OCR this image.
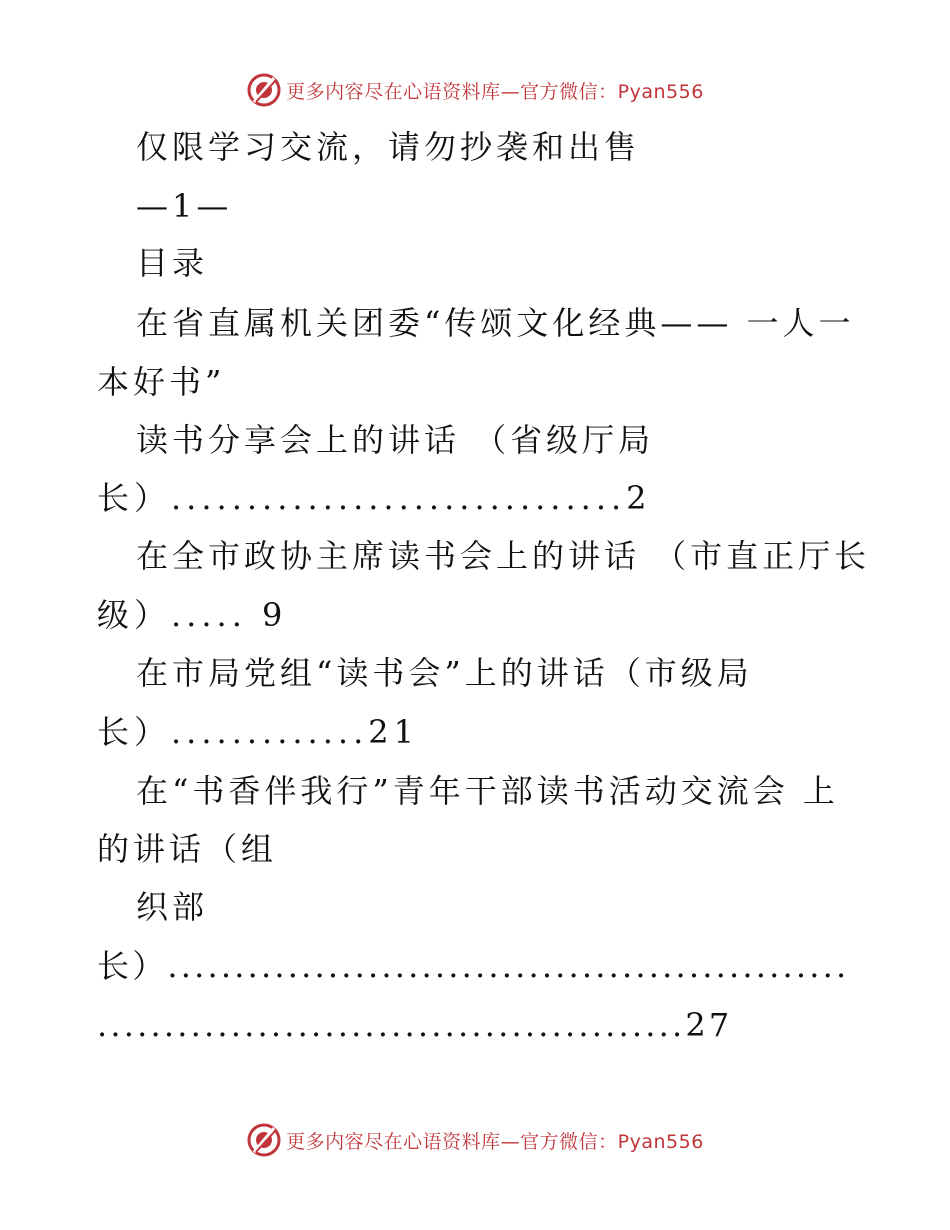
更多内容尽在心语资料库—官方微信：Pyan556
仅限学习交流，请勿抄袭和出售
—1—
目录
在省直属机关团委“传颂文化经典—— 一人一
本好书”
读书分享会上的讲话 （省级厅局
长）..............................2
在全市政协主席读书会上的讲话 （市直正厅长
级）..... 9
在市局党组“读书会”上的讲话（市级局
长）.............21
在“书香伴我行”青年干部读书活动交流会 上
的讲话（组
织部
长）...................................................
............................................27
更多内容尽在心语资料库—官方微信：Pyan556
